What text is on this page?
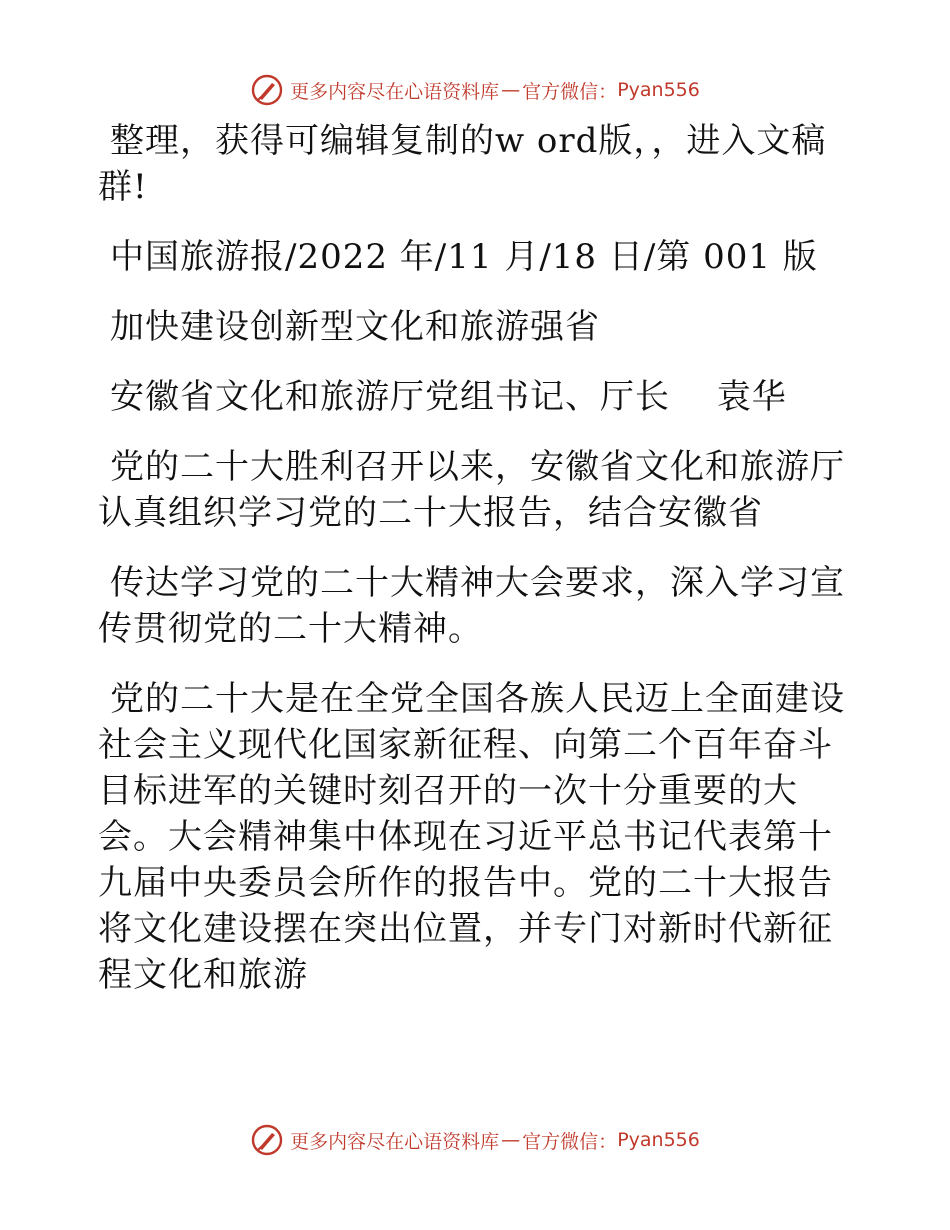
更多内容尽在心语资料库 — 官方微信： Pyan556

整理，获得可编辑复制的w ord版，，进入文稿群!

中国旅游报/2022 年/11 月/18 日/第 001 版

加快建设创新型文化和旅游强省

安徽省文化和旅游厅党组书记、厅长　 袁华

党的二十大胜利召开以来，安徽省文化和旅游厅认真组织学习党的二十大报告，结合安徽省

传达学习党的二十大精神大会要求，深入学习宣传贯彻党的二十大精神。

党的二十大是在全党全国各族人民迈上全面建设社会主义现代化国家新征程、向第二个百年奋斗目标进军的关键时刻召开的一次十分重要的大会。大会精神集中体现在习近平总书记代表第十九届中央委员会所作的报告中。党的二十大报告将文化建设摆在突出位置，并专门对新时代新征程文化和旅游

更多内容尽在心语资料库 — 官方微信： Pyan556
